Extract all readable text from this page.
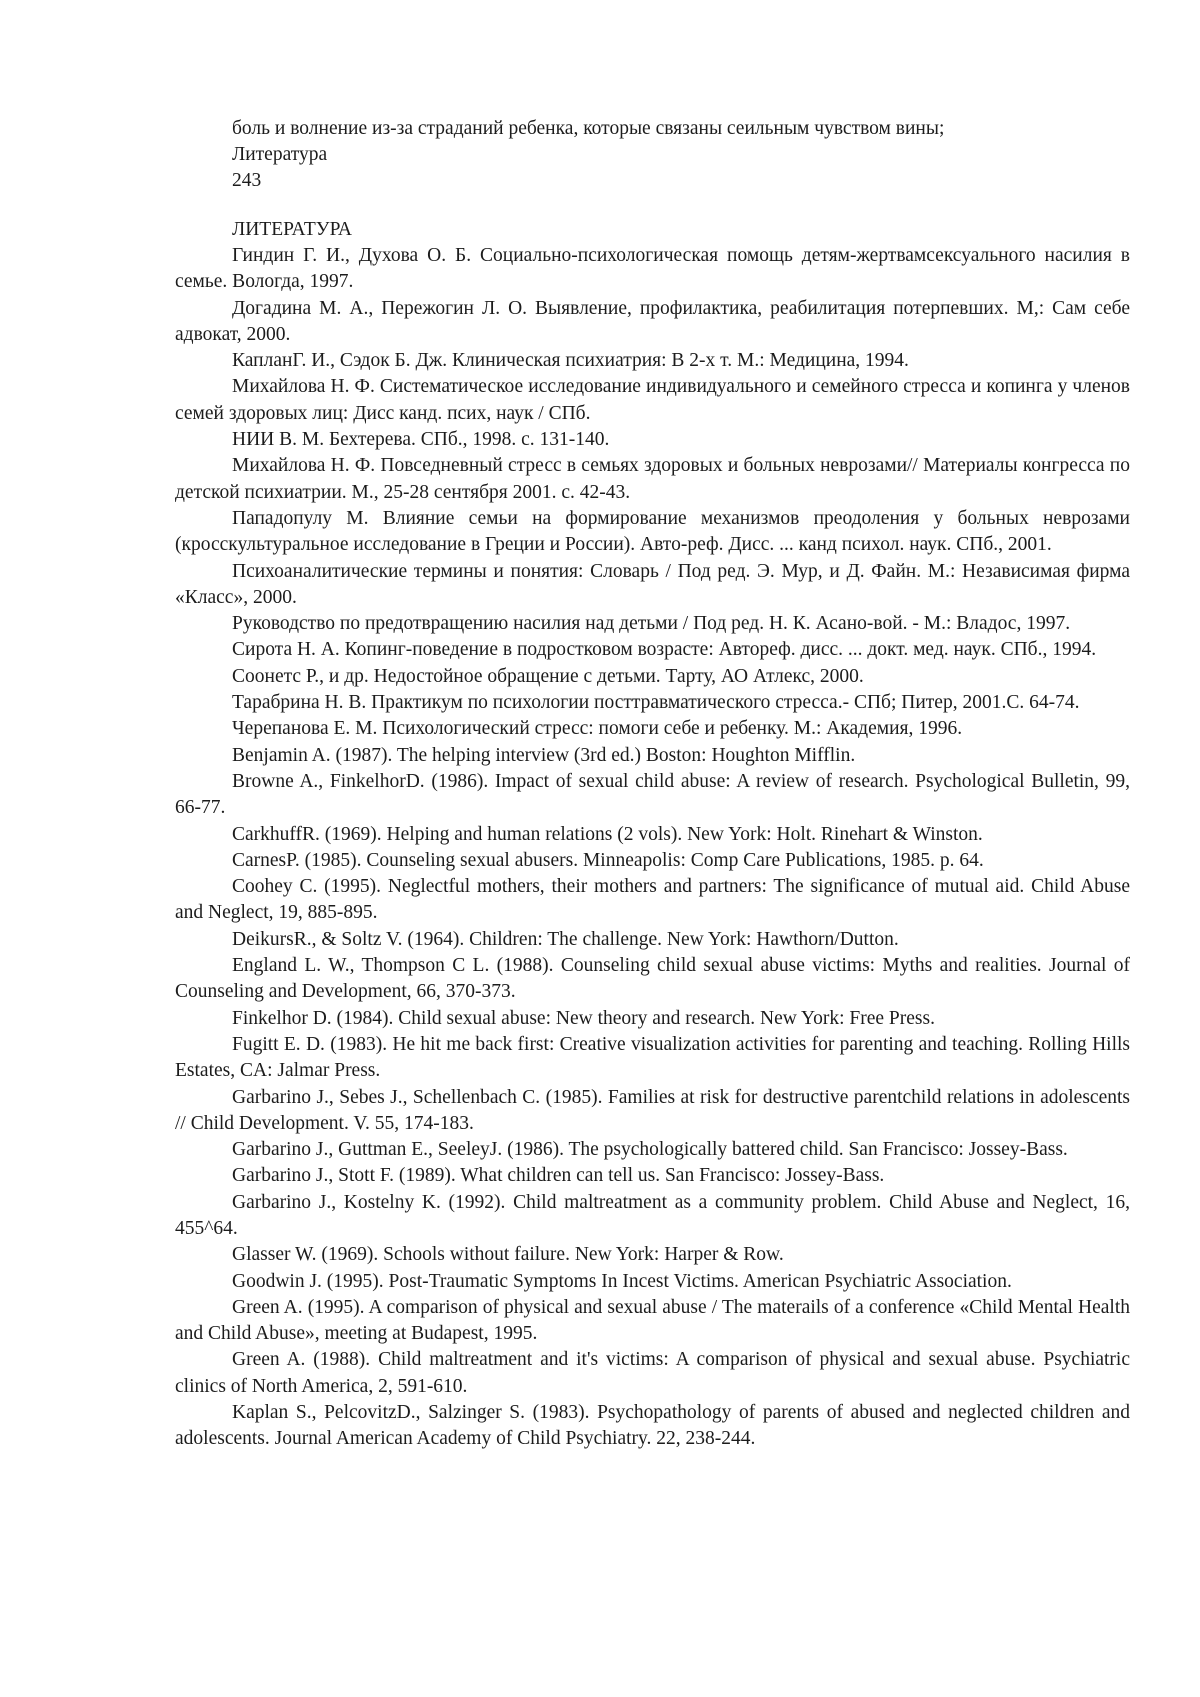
боль и волнение из-за страданий ребенка, которые связаны сеильным чувством вины;
Литература
243
ЛИТЕРАТУРА

Гиндин Г. И., Духова О. Б. Социально-психологическая помощь детям-жертвамсексуального насилия в семье. Вологда, 1997.

Догадина М. А., Пережогин Л. О. Выявление, профилактика, реабилитация потерпевших. М,: Сам себе адвокат, 2000.

КапланГ. И., Сэдок Б. Дж. Клиническая психиатрия: В 2-х т. М.: Медицина, 1994.

Михайлова Н. Ф. Систематическое исследование индивидуального и семейного стресса и копинга у членов семей здоровых лиц: Дисс канд. псих, наук / СПб.

НИИ В. М. Бехтерева. СПб., 1998. с. 131-140.

Михайлова Н. Ф. Повседневный стресс в семьях здоровых и больных неврозами// Материалы конгресса по детской психиатрии. М., 25-28 сентября 2001. с. 42-43.

Пападопулу М. Влияние семьи на формирование механизмов преодоления у больных неврозами (кросскультуральное исследование в Греции и России). Авто-реф. Дисс. ... канд психол. наук. СПб., 2001.

Психоаналитические термины и понятия: Словарь / Под ред. Э. Мур, и Д. Файн. М.: Независимая фирма «Класс», 2000.

Руководство по предотвращению насилия над детьми / Под ред. Н. К. Асано-вой. - М.: Владос, 1997.

Сирота Н. А. Копинг-поведение в подростковом возрасте: Автореф. дисс. ... докт. мед. наук. СПб., 1994.

Соонетс Р., и др. Недостойное обращение с детьми. Тарту, АО Атлекс, 2000.

Тарабрина Н. В. Практикум по психологии посттравматического стресса.- СПб; Питер, 2001.С. 64-74.

Черепанова Е. М. Психологический стресс: помоги себе и ребенку. М.: Академия, 1996.

Benjamin A. (1987). The helping interview (3rd ed.) Boston: Houghton Mifflin.

Browne A., FinkelhorD. (1986). Impact of sexual child abuse: A review of research. Psychological Bulletin, 99, 66-77.

CarkhuffR. (1969). Helping and human relations (2 vols). New York: Holt. Rinehart & Winston.

CarnesP. (1985). Counseling sexual abusers. Minneapolis: Comp Care Publications, 1985. p. 64.

Coohey C. (1995). Neglectful mothers, their mothers and partners: The significance of mutual aid. Child Abuse and Neglect, 19, 885-895.

DeikursR., & Soltz V. (1964). Children: The challenge. New York: Hawthorn/Dutton.

England L. W., Thompson C L. (1988). Counseling child sexual abuse victims: Myths and realities. Journal of Counseling and Development, 66, 370-373.

Finkelhor D. (1984). Child sexual abuse: New theory and research. New York: Free Press.

Fugitt E. D. (1983). He hit me back first: Creative visualization activities for parenting and teaching. Rolling Hills Estates, CA: Jalmar Press.

Garbarino J., Sebes J., Schellenbach C. (1985). Families at risk for destructive parentchild relations in adolescents // Child Development. V. 55, 174-183.

Garbarino J., Guttman E., SeeleyJ. (1986). The psychologically battered child. San Francisco: Jossey-Bass.

Garbarino J., Stott F. (1989). What children can tell us. San Francisco: Jossey-Bass.

Garbarino J., Kostelny K. (1992). Child maltreatment as a community problem. Child Abuse and Neglect, 16, 455^64.

Glasser W. (1969). Schools without failure. New York: Harper & Row.

Goodwin J. (1995). Post-Traumatic Symptoms In Incest Victims. American Psychiatric Association.

Green A. (1995). A comparison of physical and sexual abuse / The materails of a conference «Child Mental Health and Child Abuse», meeting at Budapest, 1995.

Green A. (1988). Child maltreatment and it's victims: A comparison of physical and sexual abuse. Psychiatric clinics of North America, 2, 591-610.

Kaplan S., PelcovitzD., Salzinger S. (1983). Psychopathology of parents of abused and neglected children and adolescents. Journal American Academy of Child Psychiatry. 22, 238-244.
